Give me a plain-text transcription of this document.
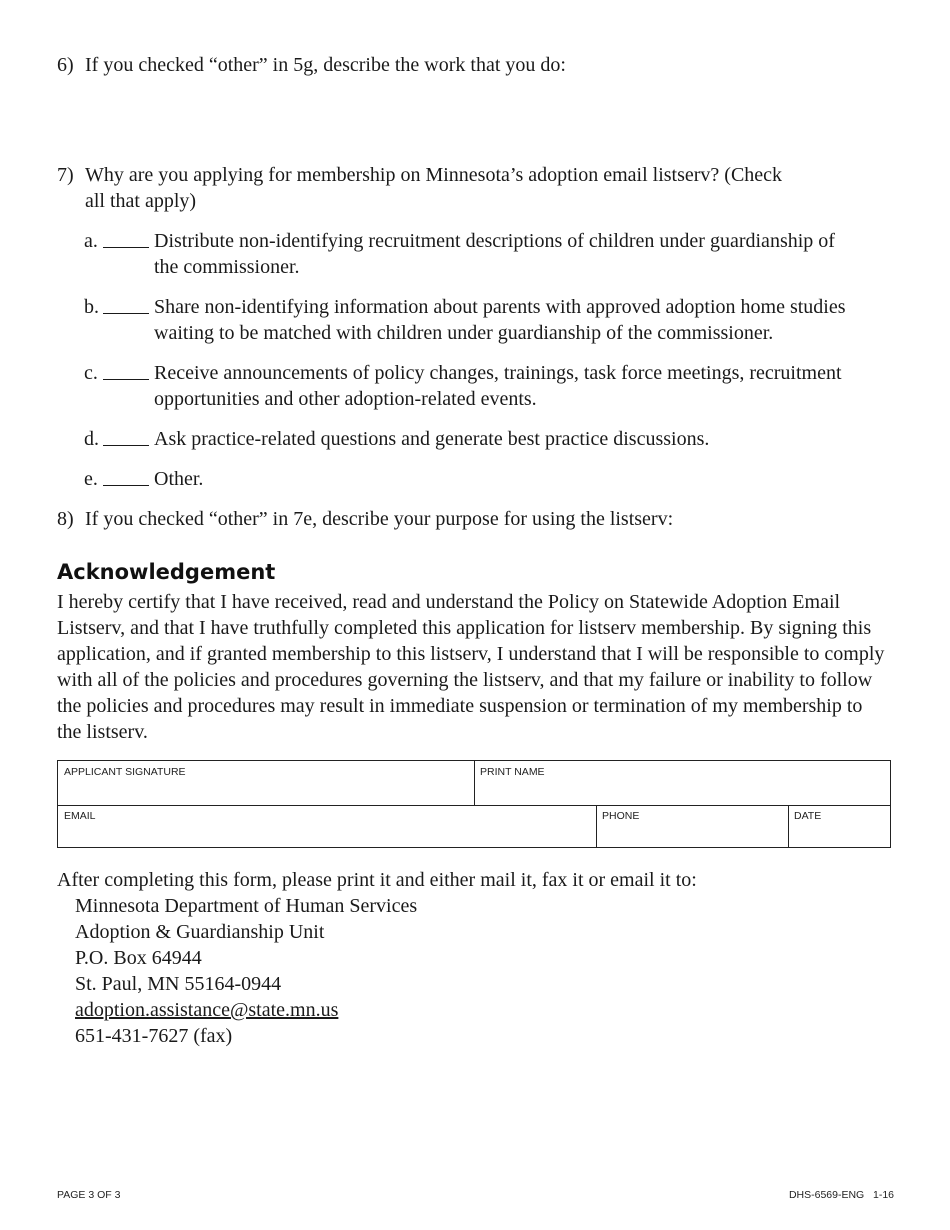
6) If you checked “other” in 5g, describe the work that you do:
7) Why are you applying for membership on Minnesota’s adoption email listserv? (Check all that apply)
a.	Distribute non-identifying recruitment descriptions of children under guardianship of the commissioner.
b.	Share non-identifying information about parents with approved adoption home studies waiting to be matched with children under guardianship of the commissioner.
c.	Receive announcements of policy changes, trainings, task force meetings, recruitment opportunities and other adoption-related events.
d.	Ask practice-related questions and generate best practice discussions.
e.	Other.
8) If you checked “other” in 7e, describe your purpose for using the listserv:
Acknowledgement
I hereby certify that I have received, read and understand the Policy on Statewide Adoption Email Listserv, and that I have truthfully completed this application for listserv membership. By signing this application, and if granted membership to this listserv, I understand that I will be responsible to comply with all of the policies and procedures governing the listserv, and that my failure or inability to follow the policies and procedures may result in immediate suspension or termination of my membership to the listserv.
APPLICANT SIGNATURE	PRINT NAME
EMAIL	PHONE	DATE
After completing this form, please print it and either mail it, fax it or email it to:
Minnesota Department of Human Services
Adoption & Guardianship Unit
P.O. Box 64944
St. Paul, MN 55164-0944
adoption.assistance@state.mn.us
651-431-7627 (fax)
PAGE 3 OF 3	DHS-6569-ENG   1-16
